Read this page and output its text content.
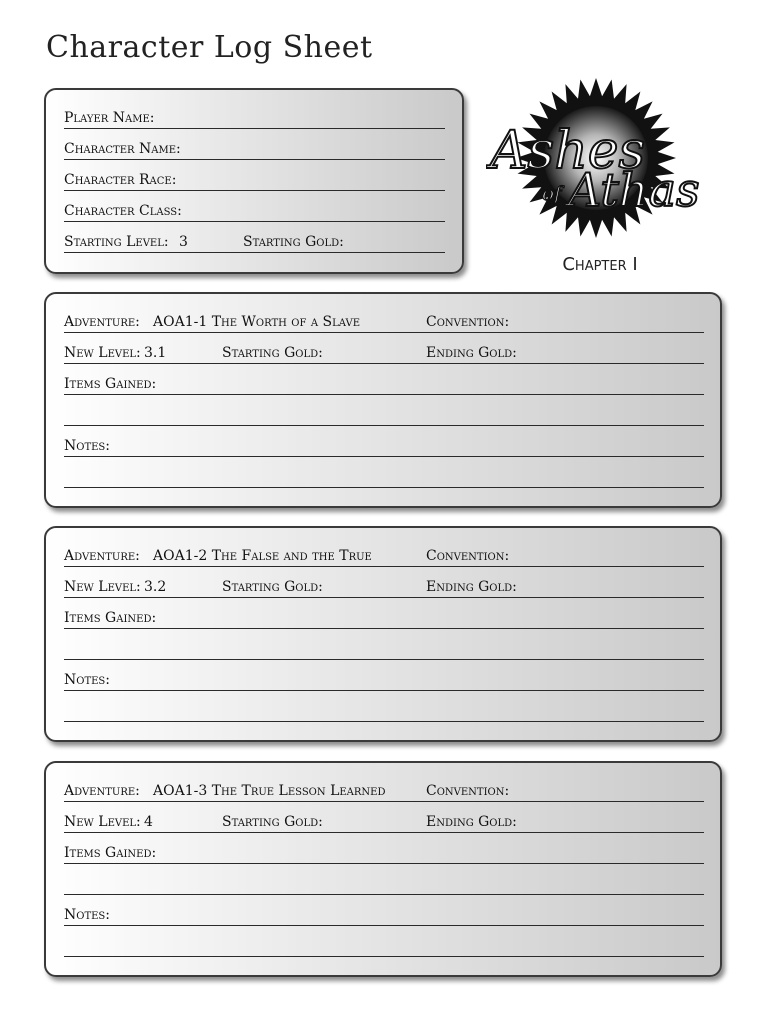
Character Log Sheet
Player Name:
Character Name:
Character Race:
Character Class:
Starting Level: 3	Starting Gold:
Ashes
of Athas
Chapter I
Adventure: AOA1-1 The Worth of a Slave	Convention:
New Level: 3.1	Starting Gold:	Ending Gold:
Items Gained:
Notes:
Adventure: AOA1-2 The False and the True	Convention:
New Level: 3.2	Starting Gold:	Ending Gold:
Items Gained:
Notes:
Adventure: AOA1-3 The True Lesson Learned	Convention:
New Level: 4	Starting Gold:	Ending Gold:
Items Gained:
Notes:
